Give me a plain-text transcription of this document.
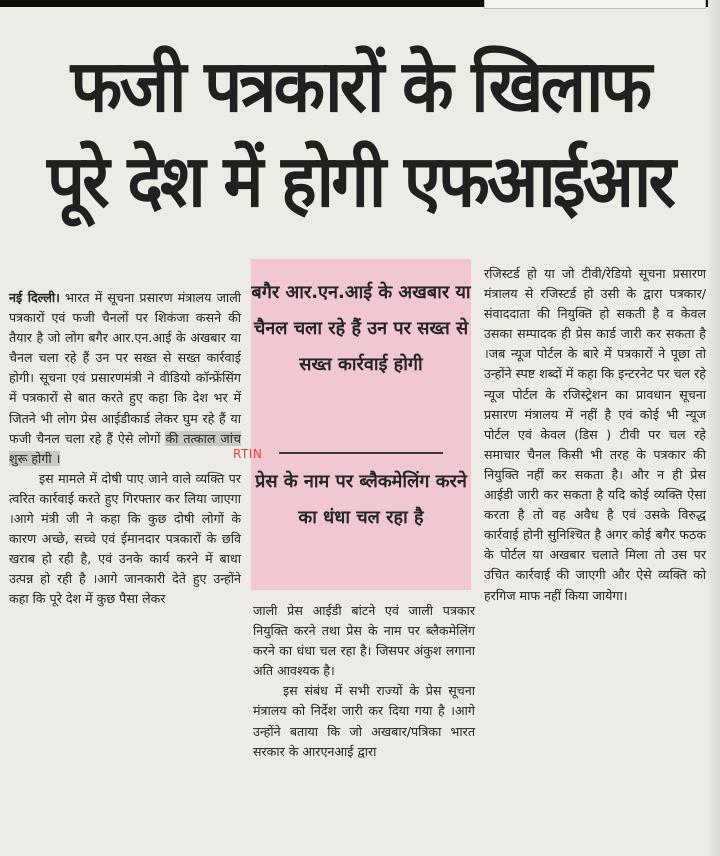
फजी पत्रकारों के खिलाफ
पूरे देश में होगी एफआईआर

नई दिल्ली। भारत में सूचना प्रसारण मंत्रालय जाली पत्रकारों एवं फजी चैनलों पर शिकंजा कसने की तैयार है जो लोग बगैर आर.एन.आई के अखबार या चैनल चला रहे हैं उन पर सख्त से सख्त कार्रवाई होगी। सूचना एवं प्रसारणमंत्री ने वीडियो कॉन्फ्रेंसिंग में पत्रकारों से बात करते हुए कहा कि देश भर में जितने भी लोग प्रेस आईडीकार्ड लेकर घुम रहे हैं या फजी चैनल चला रहे हैं ऐसे लोगों की तत्काल जांच शुरू होगी ।

इस मामले में दोषी पाए जाने वाले व्यक्ति पर त्वरित कार्रवाई करते हुए गिरफ्तार कर लिया जाएगा ।आगे मंत्री जी ने कहा कि कुछ दोषी लोगों के कारण अच्छे, सच्चे एवं ईमानदार पत्रकारों के छवि खराब हो रही है, एवं उनके कार्य करने में बाधा उत्पन्न हो रही है ।आगे जानकारी देते हुए उन्होंने कहा कि पूरे देश में कुछ पैसा लेकर

बगैर आर.एन.आई के अखबार या चैनल चला रहे हैं उन पर सख्त से सख्त कार्रवाई होगी
प्रेस के नाम पर ब्लैकमेलिंग करने का धंधा चल रहा है
RTIN

जाली प्रेस आईडी बांटने एवं जाली पत्रकार नियुक्ति करने तथा प्रेस के नाम पर ब्लैकमेलिंग करने का धंधा चल रहा है। जिसपर अंकुश लगाना अति आवश्यक है।

इस संबंध में सभी राज्यों के प्रेस सूचना मंत्रालय को निर्देश जारी कर दिया गया है ।आगे उन्होंने बताया कि जो अखबार/पत्रिका भारत सरकार के आरएनआई द्वारा

रजिस्टर्ड हो या जो टीवी/रेडियो सूचना प्रसारण मंत्रालय से रजिस्टर्ड हो उसी के द्वारा पत्रकार/संवाददाता की नियुक्ति हो सकती है व केवल उसका सम्पादक ही प्रेस कार्ड जारी कर सकता है ।जब न्यूज पोर्टल के बारे में पत्रकारों ने पूछा तो उन्होंने स्पष्ट शब्दों में कहा कि इन्टरनेट पर चल रहे न्यूज पोर्टल के रजिस्ट्रेशन का प्रावधान सूचना प्रसारण मंत्रालय में नहीं है एवं कोई भी न्यूज पोर्टल एवं केवल (डिस ) टीवी पर चल रहे समाचार चैनल किसी भी तरह के पत्रकार की नियुक्ति नहीं कर सकता है। और न ही प्रेस आईडी जारी कर सकता है यदि कोई व्यक्ति ऐसा करता है तो वह अवैध है एवं उसके विरुद्ध कार्रवाई होनी सुनिश्चित है अगर कोई बगैर फठक के पोर्टल या अखबार चलाते मिला तो उस पर उचित कार्रवाई की जाएगी और ऐसे व्यक्ति को हरगिज माफ नहीं किया जायेगा।
